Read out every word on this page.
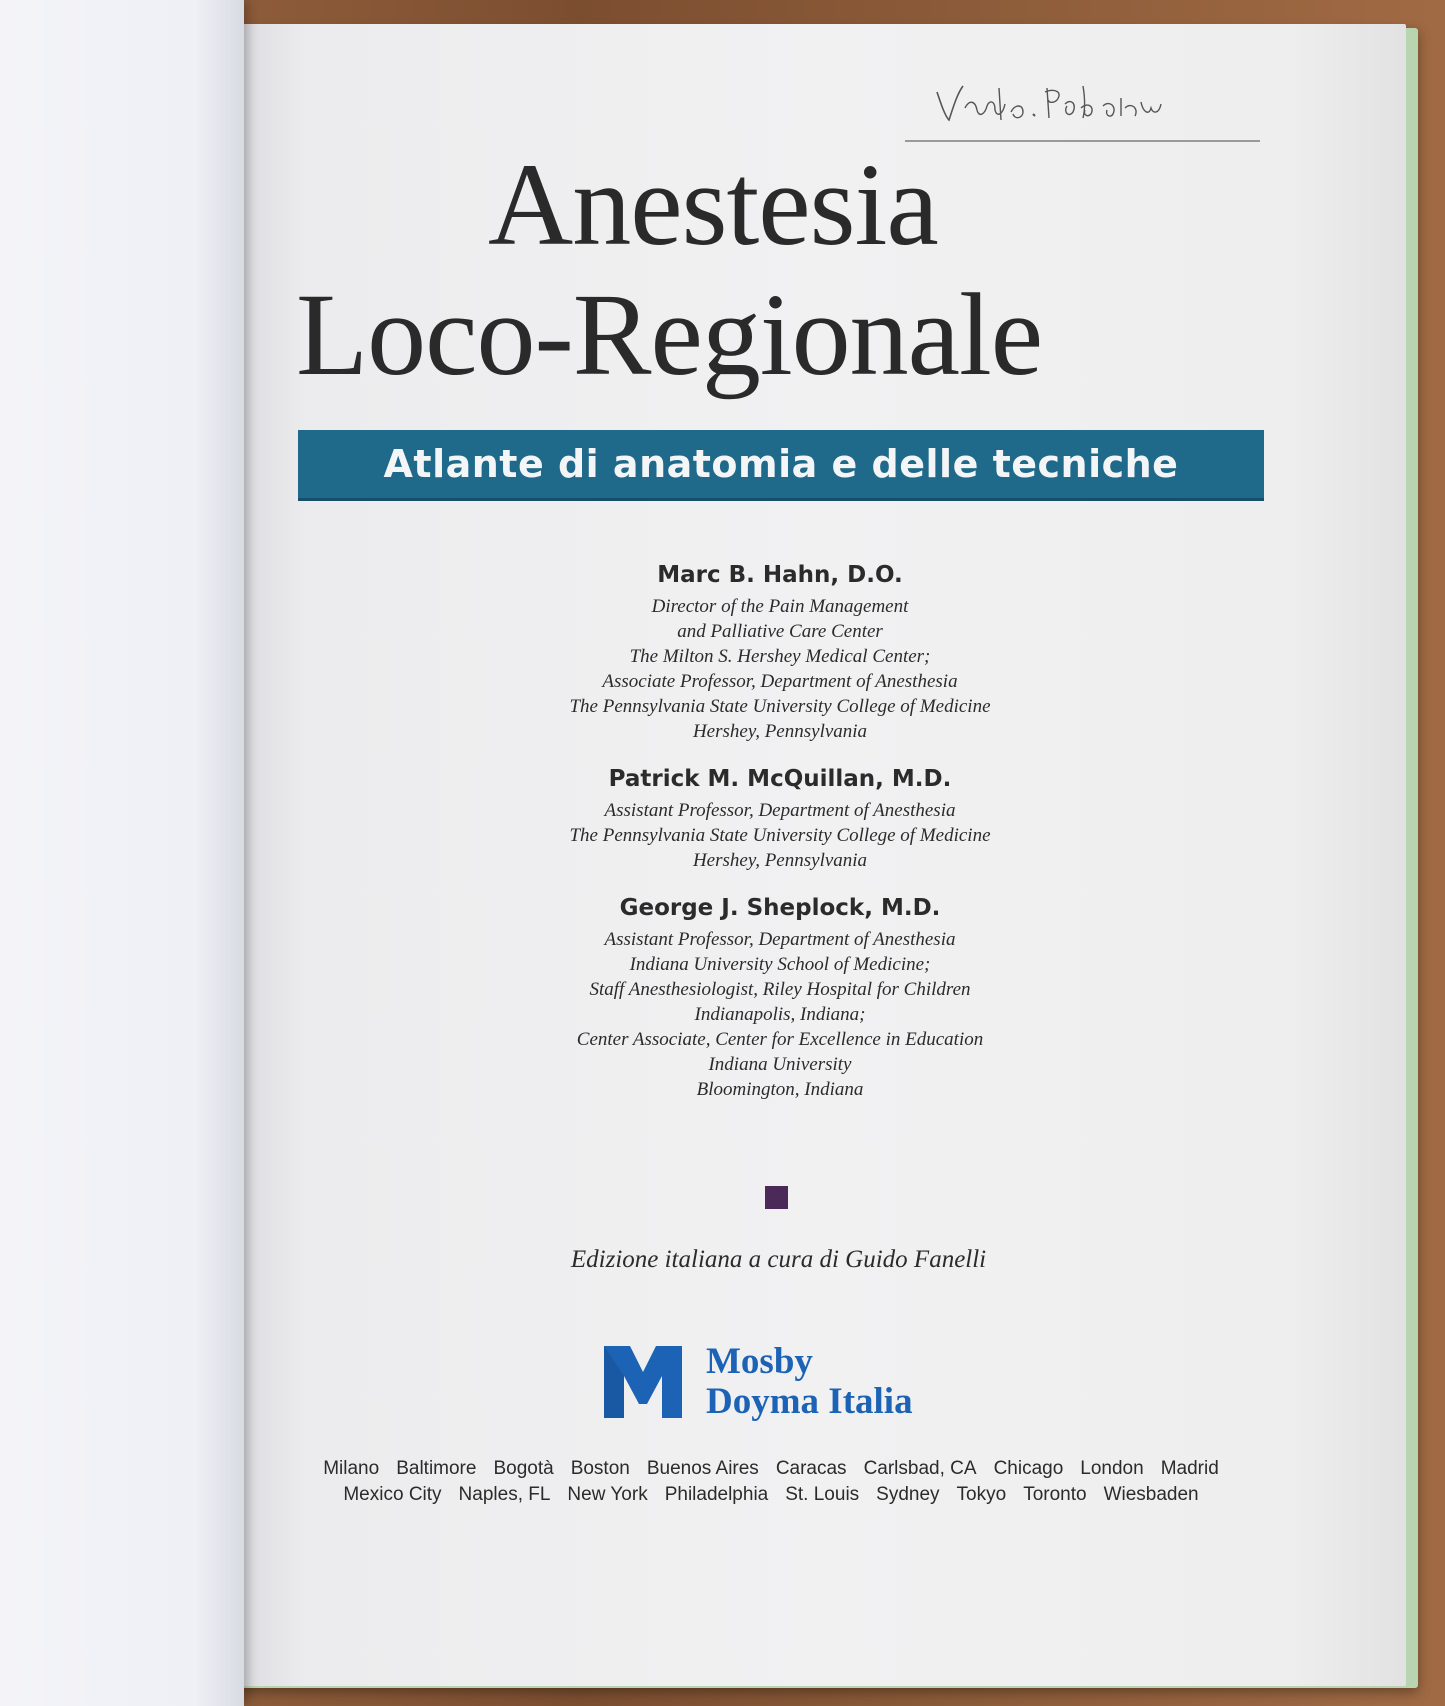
Anestesia
Loco-Regionale
Atlante di anatomia e delle tecniche
Marc B. Hahn, D.O.
Director of the Pain Management
and Palliative Care Center
The Milton S. Hershey Medical Center;
Associate Professor, Department of Anesthesia
The Pennsylvania State University College of Medicine
Hershey, Pennsylvania
Patrick M. McQuillan, M.D.
Assistant Professor, Department of Anesthesia
The Pennsylvania State University College of Medicine
Hershey, Pennsylvania
George J. Sheplock, M.D.
Assistant Professor, Department of Anesthesia
Indiana University School of Medicine;
Staff Anesthesiologist, Riley Hospital for Children
Indianapolis, Indiana;
Center Associate, Center for Excellence in Education
Indiana University
Bloomington, Indiana
Edizione italiana a cura di Guido Fanelli
Mosby
Doyma Italia
Milano Baltimore Bogotà Boston Buenos Aires Caracas Carlsbad, CA Chicago London Madrid
Mexico City Naples, FL New York Philadelphia St. Louis Sydney Tokyo Toronto Wiesbaden
